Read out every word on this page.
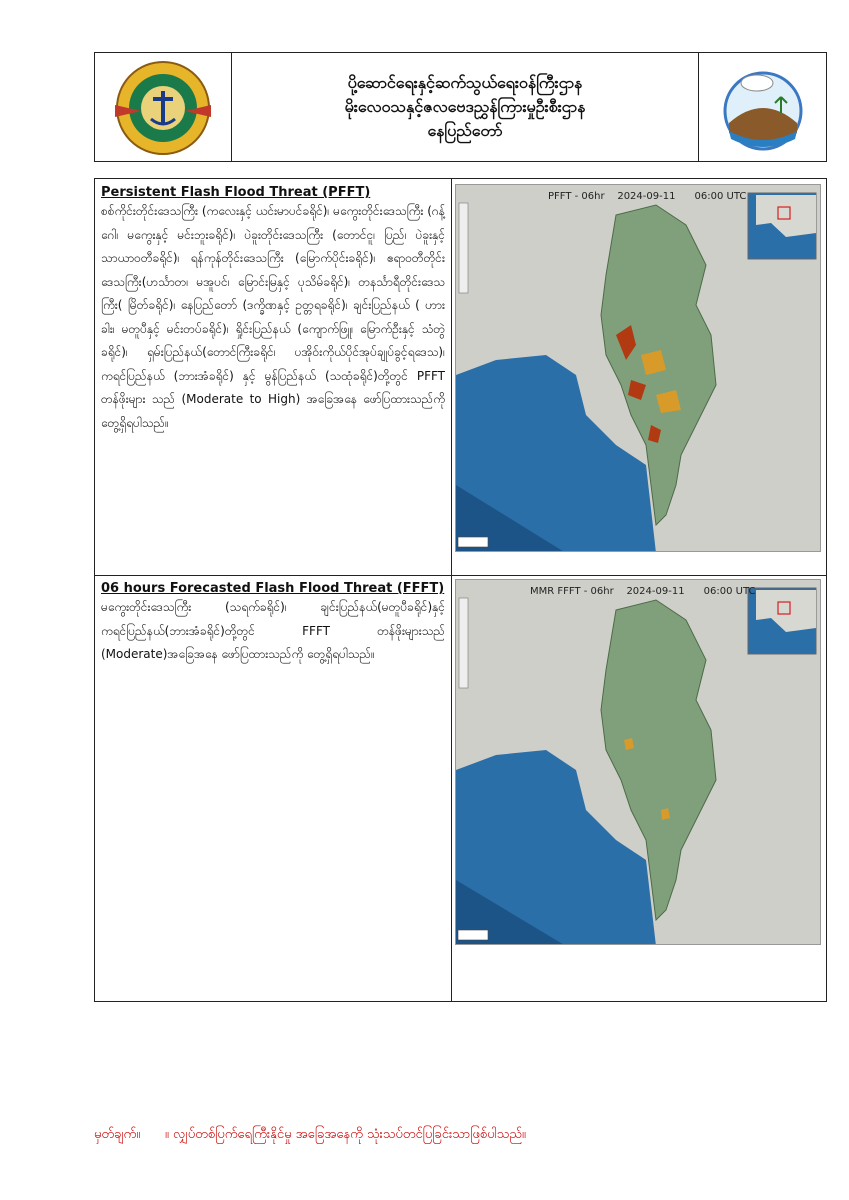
ပို့ဆောင်ရေးနှင့်ဆက်သွယ်ရေးဝန်ကြီးဌာန
မိုးလေဝသနှင့်ဇလဗေဒညွှန်ကြားမှုဦးစီးဌာန
နေပြည်တော်
Persistent Flash Flood Threat (PFFT)
စစ်ကိုင်းတိုင်းဒေသကြီး (ကလေးနှင့် ယင်းမာပင်ခရိုင်)၊ မကွေးတိုင်းဒေသကြီး (ဂန့်ဂေါ၊ မကွေးနှင့် မင်းဘူးခရိုင်)၊ ပဲခူးတိုင်းဒေသကြီး (တောင်ငူ၊ ပြည်၊ ပဲခူးနှင့် သာယာဝတီခရိုင်)၊ ရန်ကုန်တိုင်းဒေသကြီး (မြောက်ပိုင်းခရိုင်)၊ ဧရာဝတီတိုင်းဒေသကြီး(ဟင်္သာတ၊ မအူပင်၊ မြောင်းမြနှင့် ပုသိမ်ခရိုင်)၊ တနင်္သာရီတိုင်းဒေသကြီး( မြိတ်ခရိုင်)၊ နေပြည်တော် (ဒက္ခိဏနှင့် ဥတ္တရခရိုင်)၊ ချင်းပြည်နယ် ( ဟားခါး၊ မတူပီနှင့် မင်းတပ်ခရိုင်)၊ ရှိုင်းပြည်နယ် (ကျောက်ဖြူ၊ မြောက်ဦးနှင့် သံတွဲခရိုင်)၊ ရှမ်းပြည်နယ်(တောင်ကြီးခရိုင်၊ ပအိုဝ်းကိုယ်ပိုင်အုပ်ချုပ်ခွင့်ရဒေသ)၊ ကရင်ပြည်နယ် (ဘားအံခရိုင်) နှင့် မွန်ပြည်နယ် (သထုံခရိုင်)တို့တွင် PFFT တန်ဖိုးများ သည် (Moderate to High) အခြေအနေ ဖော်ပြထားသည်ကို တွေ့ရှိရပါသည်။
PFFT - 06hr 2024-09-11 06:00 UTC
06 hours Forecasted Flash Flood Threat (FFFT)
မကွေးတိုင်းဒေသကြီး (သရက်ခရိုင်)၊ ချင်းပြည်နယ်(မတူပီခရိုင်)နှင့် ကရင်ပြည်နယ်(ဘားအံခရိုင်)တို့တွင် FFFT တန်ဖိုးများသည် (Moderate)အခြေအနေ ဖော်ပြထားသည်ကို တွေ့ရှိရပါသည်။
MMR FFFT - 06hr 2024-09-11 06:00 UTC
မှတ်ချက်။ ။ လျှပ်တစ်ပြက်ရေကြီးနိုင်မှု အခြေအနေကို သုံးသပ်တင်ပြခြင်းသာဖြစ်ပါသည်။
